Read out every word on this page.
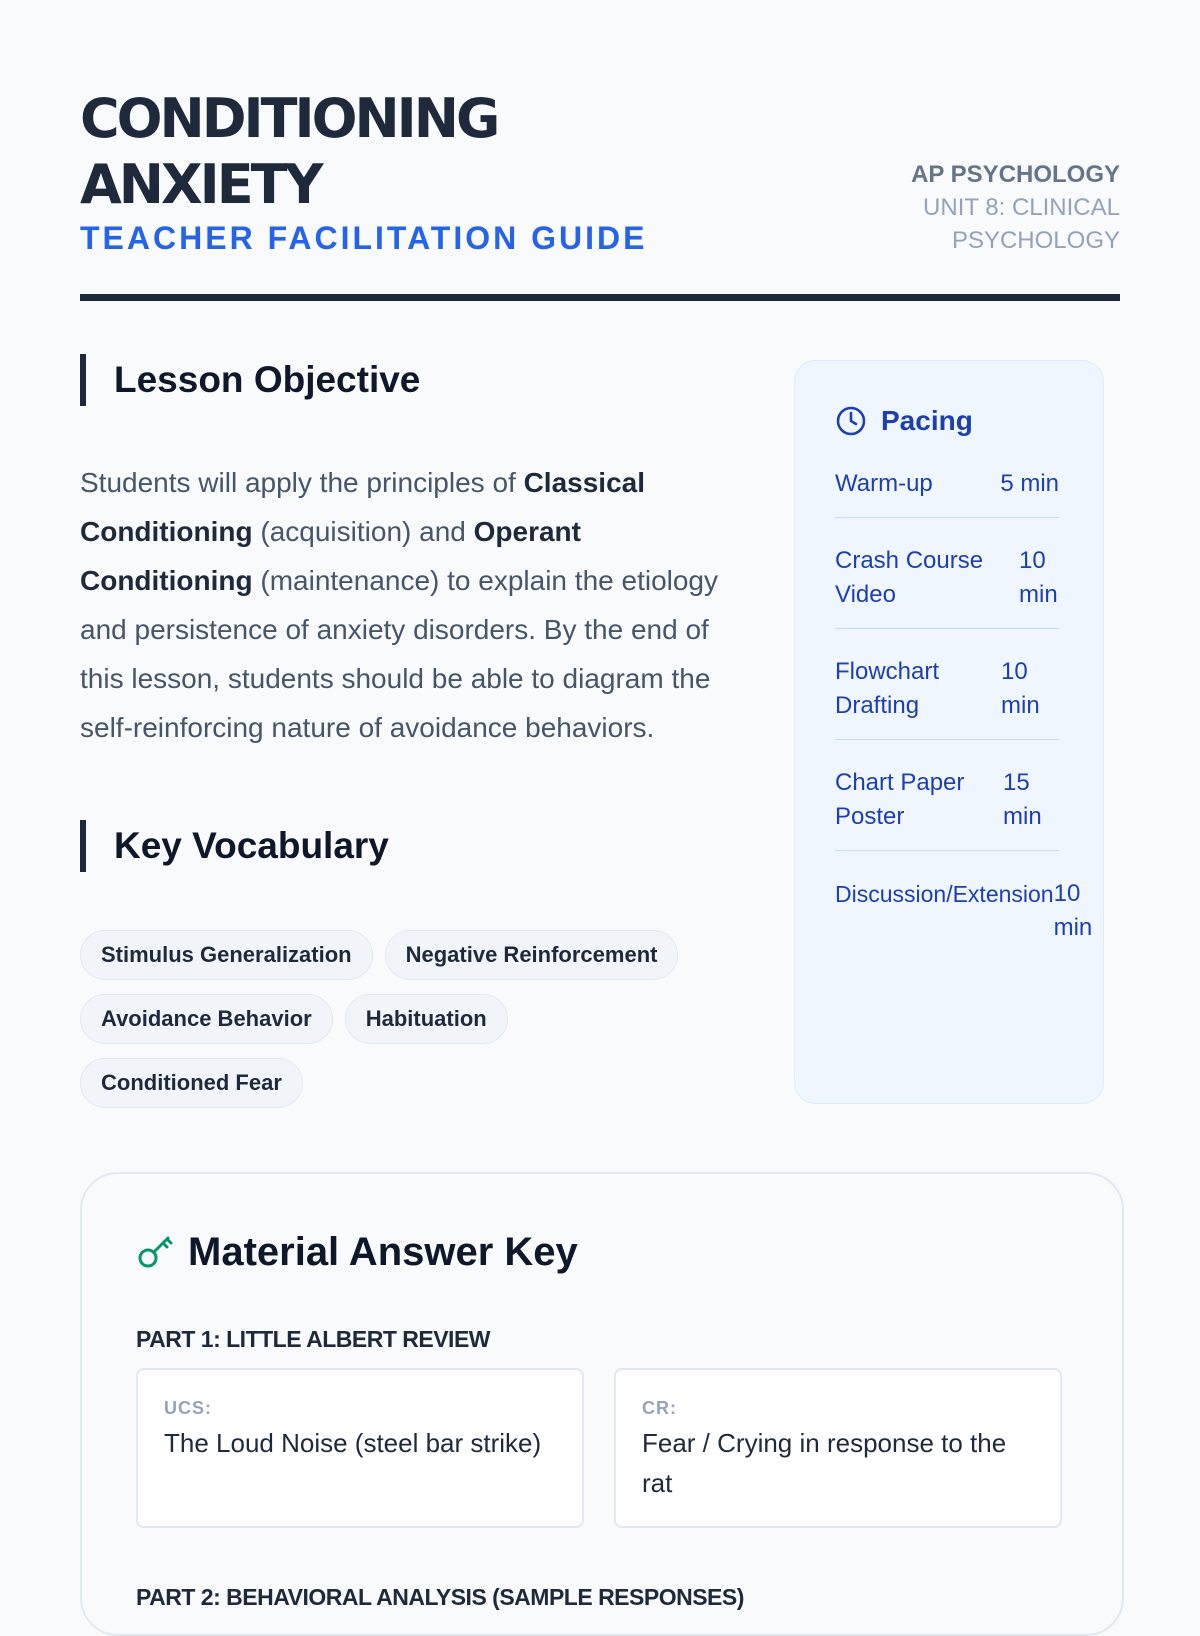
CONDITIONING ANXIETY
TEACHER FACILITATION GUIDE
AP PSYCHOLOGY
UNIT 8: CLINICAL PSYCHOLOGY
Lesson Objective
Students will apply the principles of Classical Conditioning (acquisition) and Operant Conditioning (maintenance) to explain the etiology and persistence of anxiety disorders. By the end of this lesson, students should be able to diagram the self-reinforcing nature of avoidance behaviors.
Key Vocabulary
Stimulus Generalization Negative Reinforcement
Avoidance Behavior Habituation
Conditioned Fear
Pacing
Warm-up	5 min
Crash Course Video
10 min
Flowchart Drafting
10 min
Chart Paper Poster
15 min
Discussion/Extension 10 min
Material Answer Key
PART 1: LITTLE ALBERT REVIEW
UCS:
The Loud Noise (steel bar strike)
CR:
Fear / Crying in response to the rat
PART 2: BEHAVIORAL ANALYSIS (SAMPLE RESPONSES)
